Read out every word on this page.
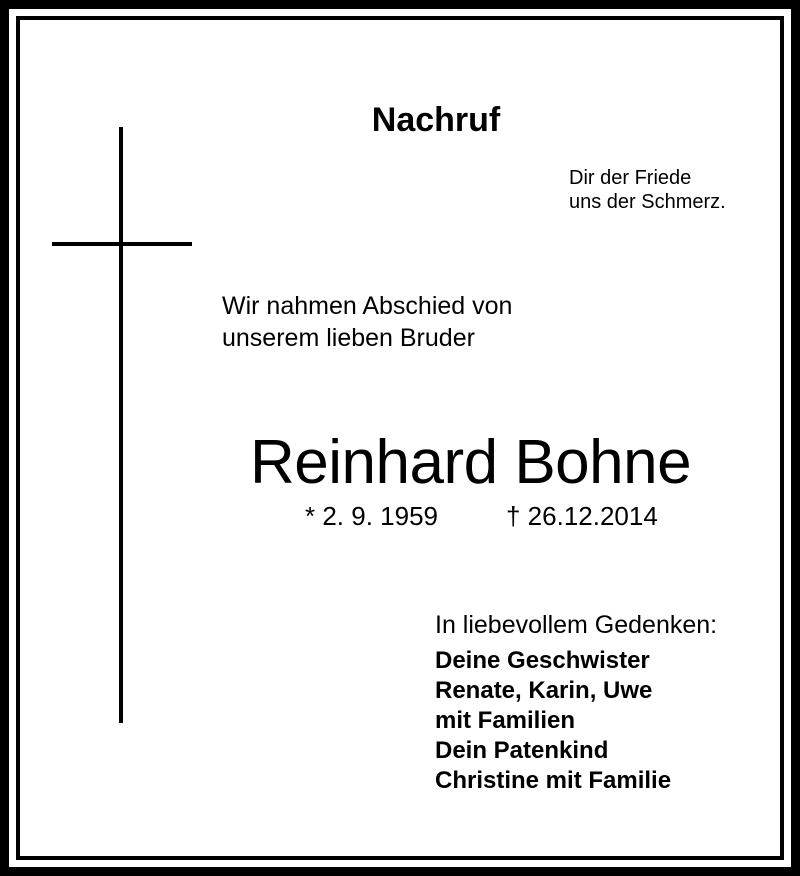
Nachruf
Dir der Friede
uns der Schmerz.
Wir nahmen Abschied von
unserem lieben Bruder
Reinhard Bohne
* 2. 9. 1959	† 26.12.2014
In liebevollem Gedenken:
Deine Geschwister
Renate, Karin, Uwe
mit Familien
Dein Patenkind
Christine mit Familie
